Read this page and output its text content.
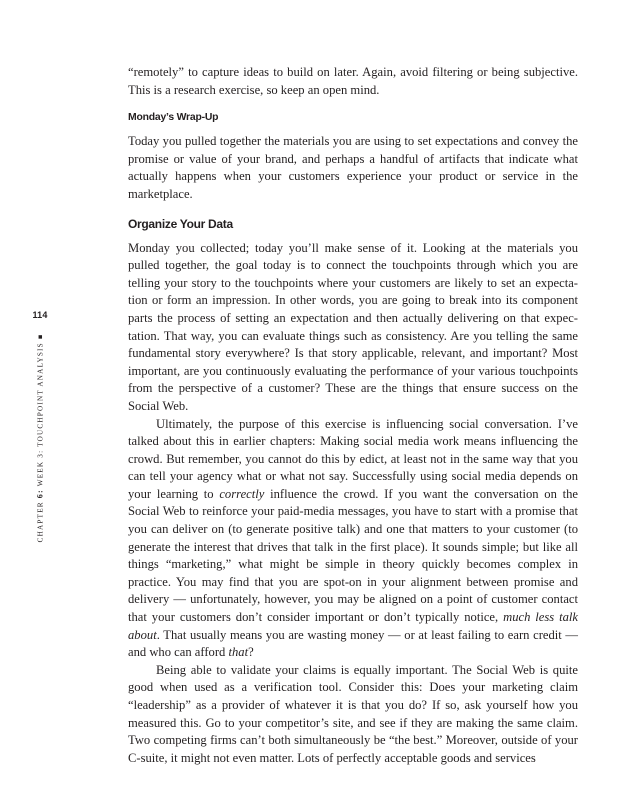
114
CHAPTER 6: WEEK 3: TOUCHPOINT ANALYSIS ■

“remotely” to capture ideas to build on later. Again, avoid filtering or being subjective. This is a research exercise, so keep an open mind.

Monday’s Wrap-Up

Today you pulled together the materials you are using to set expectations and convey the promise or value of your brand, and perhaps a handful of artifacts that indicate what actually happens when your customers experience your product or service in the marketplace.

Organize Your Data

Monday you collected; today you’ll make sense of it. Looking at the materials you pulled together, the goal today is to connect the touchpoints through which you are telling your story to the touchpoints where your customers are likely to set an expectation or form an impression. In other words, you are going to break into its component parts the process of setting an expectation and then actually delivering on that expectation. That way, you can evaluate things such as consistency. Are you telling the same fundamental story everywhere? Is that story applicable, relevant, and important? Most important, are you continuously evaluating the performance of your various touchpoints from the perspective of a customer? These are the things that ensure success on the Social Web.

Ultimately, the purpose of this exercise is influencing social conversation. I’ve talked about this in earlier chapters: Making social media work means influencing the crowd. But remember, you cannot do this by edict, at least not in the same way that you can tell your agency what or what not say. Successfully using social media depends on your learning to correctly influence the crowd. If you want the conversation on the Social Web to reinforce your paid-media messages, you have to start with a promise that you can deliver on (to generate positive talk) and one that matters to your customer (to generate the interest that drives that talk in the first place). It sounds simple; but like all things “marketing,” what might be simple in theory quickly becomes complex in practice. You may find that you are spot-on in your alignment between promise and delivery — unfortunately, however, you may be aligned on a point of customer contact that your customers don’t consider important or don’t typically notice, much less talk about. That usually means you are wasting money — or at least failing to earn credit — and who can afford that?

Being able to validate your claims is equally important. The Social Web is quite good when used as a verification tool. Consider this: Does your marketing claim “leadership” as a provider of whatever it is that you do? If so, ask yourself how you measured this. Go to your competitor’s site, and see if they are making the same claim. Two competing firms can’t both simultaneously be “the best.” Moreover, outside of your C-suite, it might not even matter. Lots of perfectly acceptable goods and services
